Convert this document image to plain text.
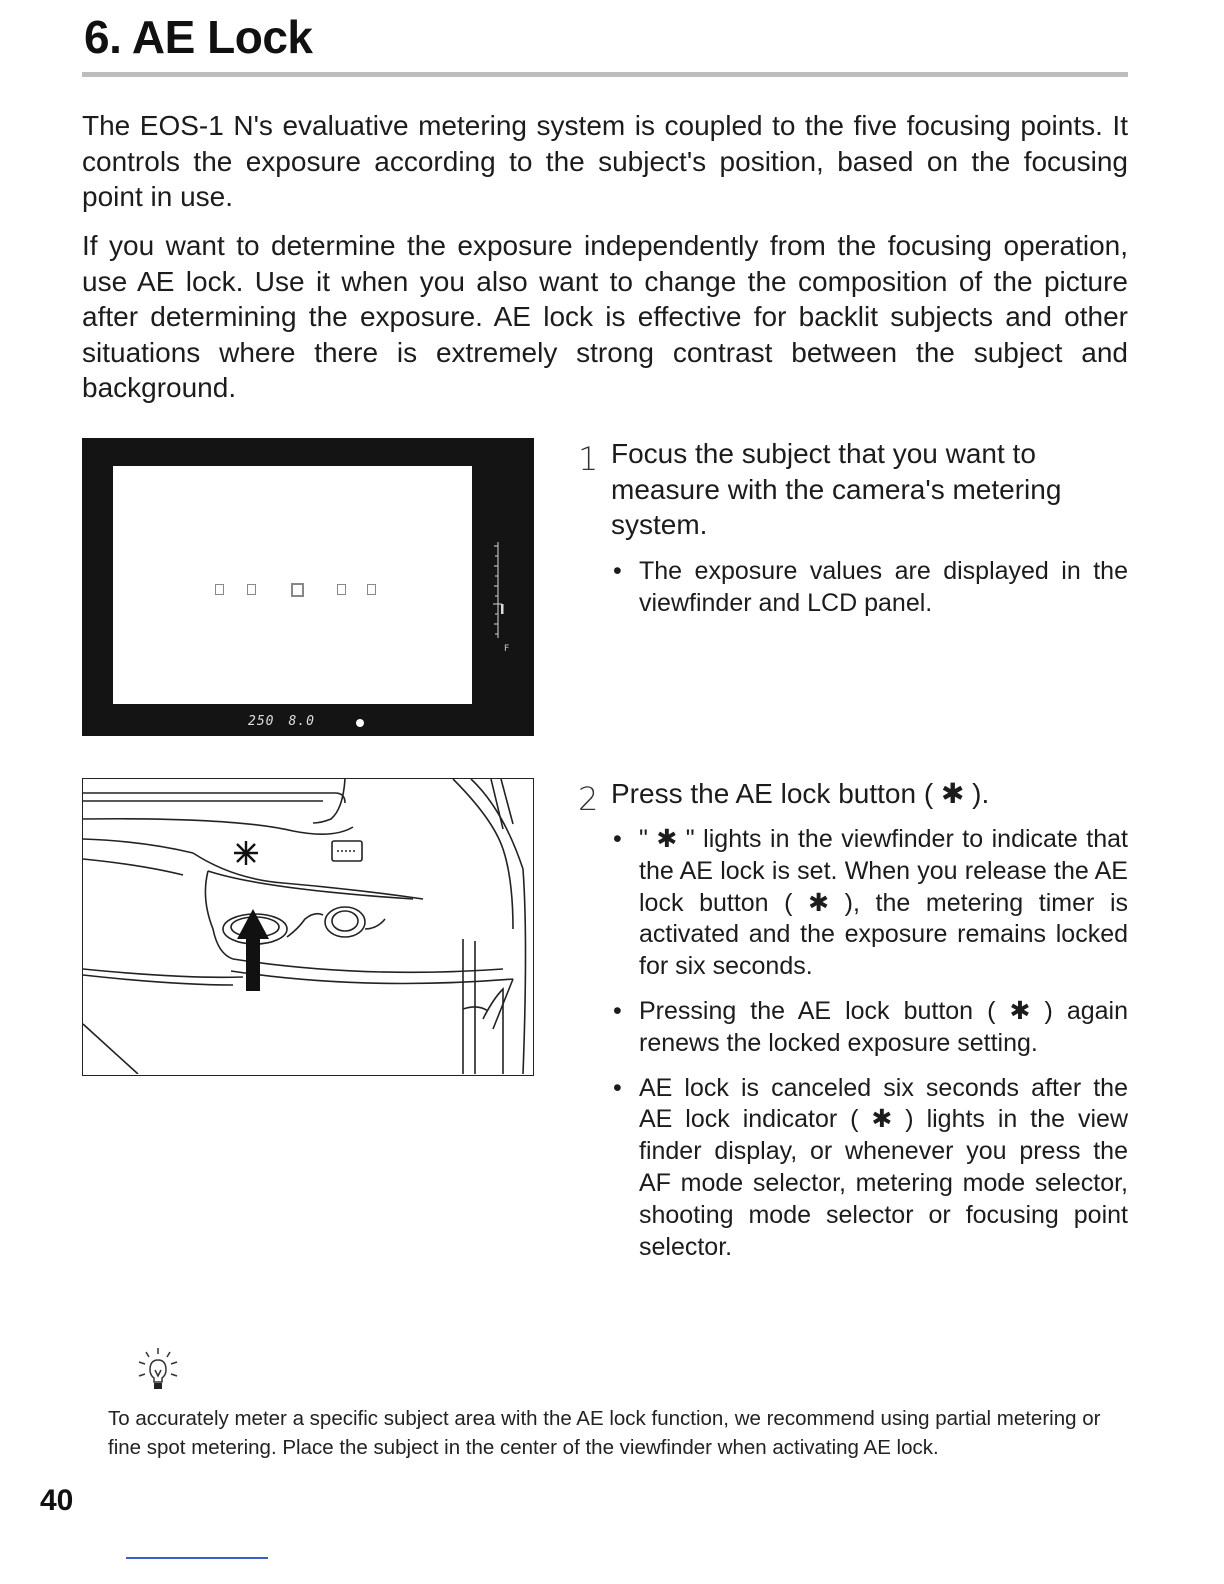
6. AE Lock

The EOS-1 N's evaluative metering system is coupled to the five focusing points. It controls the exposure according to the subject's position, based on the focusing point in use.

If you want to determine the exposure independently from the focusing operation, use AE lock. Use it when you also want to change the composition of the picture after determining the exposure. AE lock is effective for backlit subjects and other situations where there is extremely strong contrast between the subject and background.

F
250 8.0
1 Focus the subject that you want to measure with the camera's metering system.

• The exposure values are displayed in the viewfinder and LCD panel.
2 Press the AE lock button ( ✱ ).

• " ✱ " lights in the viewfinder to indicate that the AE lock is set. When you release the AE lock button ( ✱ ), the metering timer is activated and the exposure remains locked for six seconds.
• Pressing the AE lock button ( ✱ ) again renews the locked exposure setting.
• AE lock is canceled six seconds after the AE lock indicator ( ✱ ) lights in the view finder display, or whenever you press the AF mode selector, metering mode selector, shooting mode selector or focusing point selector.

To accurately meter a specific subject area with the AE lock function, we recommend using partial metering or fine spot metering. Place the subject in the center of the viewfinder when activating AE lock.

40
